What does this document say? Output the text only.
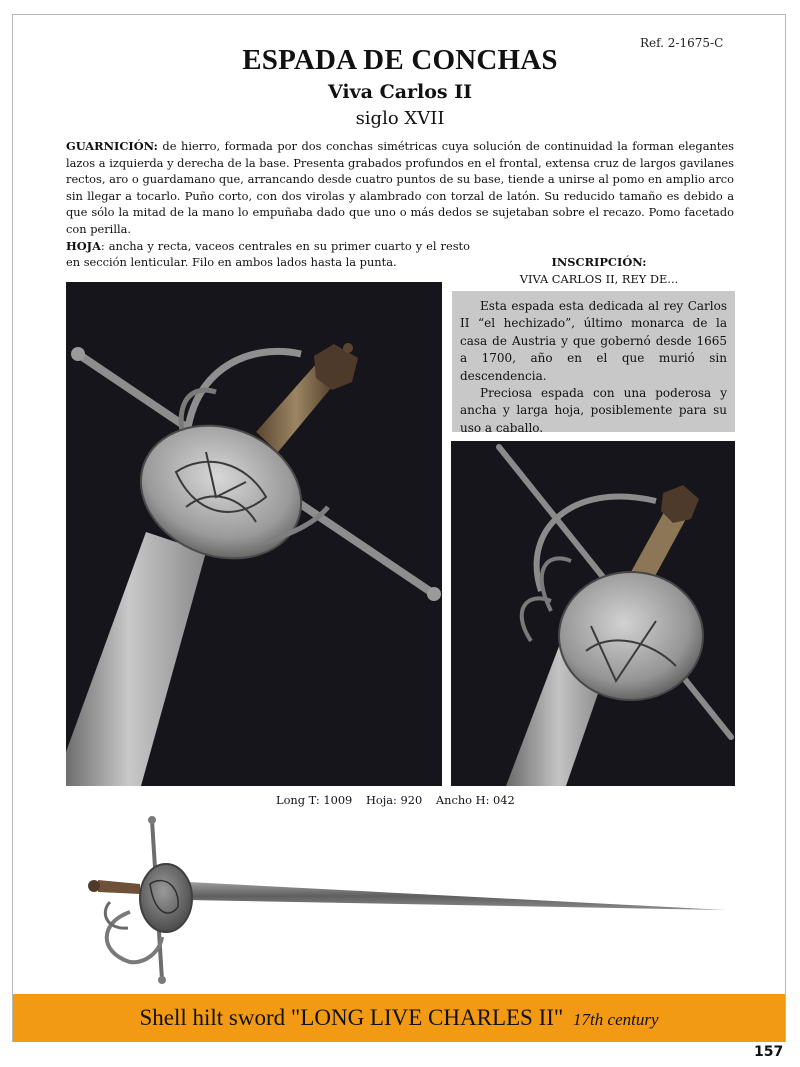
Ref. 2-1675-C
ESPADA DE CONCHAS
Viva Carlos II
siglo XVII

GUARNICIÓN: de hierro, formada por dos conchas simétricas cuya solución de continuidad la forman elegantes lazos a izquierda y derecha de la base. Presenta grabados profundos en el frontal, extensa cruz de largos gavilanes rectos, aro o guardamano que, arrancando desde cuatro puntos de su base, tiende a unirse al pomo en amplio arco sin llegar a tocarlo. Puño corto, con dos virolas y alambrado con torzal de latón. Su reducido tamaño es debido a que sólo la mitad de la mano lo empuñaba dado que uno o más dedos se sujetaban sobre el recazo. Pomo facetado con perilla.

HOJA: ancha y recta, vaceos centrales en su primer cuarto y el resto en sección lenticular. Filo en ambos lados hasta la punta.	INSCRIPCIÓN:
VIVA CARLOS II, REY DE...

Esta espada esta dedicada al rey Carlos II “el hechizado”, último monarca de la casa de Austria y que gobernó desde 1665 a 1700, año en el que murió sin descendencia.

Preciosa espada con una poderosa y ancha y larga hoja, posiblemente para su uso a caballo.

Long T: 1009 Hoja: 920 Ancho H: 042
Shell hilt sword "LONG LIVE CHARLES II" 17th century
157
